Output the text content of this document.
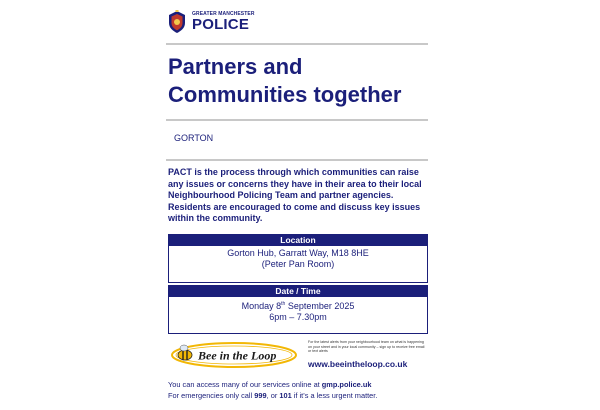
GREATER MANCHESTER
POLICE
Partners and
Communities together
GORTON
PACT is the process through which communities can raise any issues or concerns they have in their area to their local Neighbourhood Policing Team and partner agencies. Residents are encouraged to come and discuss key issues within the community.
Location
Gorton Hub, Garratt Way, M18 8HE
(Peter Pan Room)
Date / Time
Monday 8th September 2025
6pm – 7.30pm
Bee in the Loop
For the latest alerts from your neighbourhood team on what is happening on your street and in your local community – sign up to receive free email or text alerts
www.beeintheloop.co.uk
You can access many of our services online at gmp.police.uk
For emergencies only call 999, or 101 if it’s a less urgent matter.
